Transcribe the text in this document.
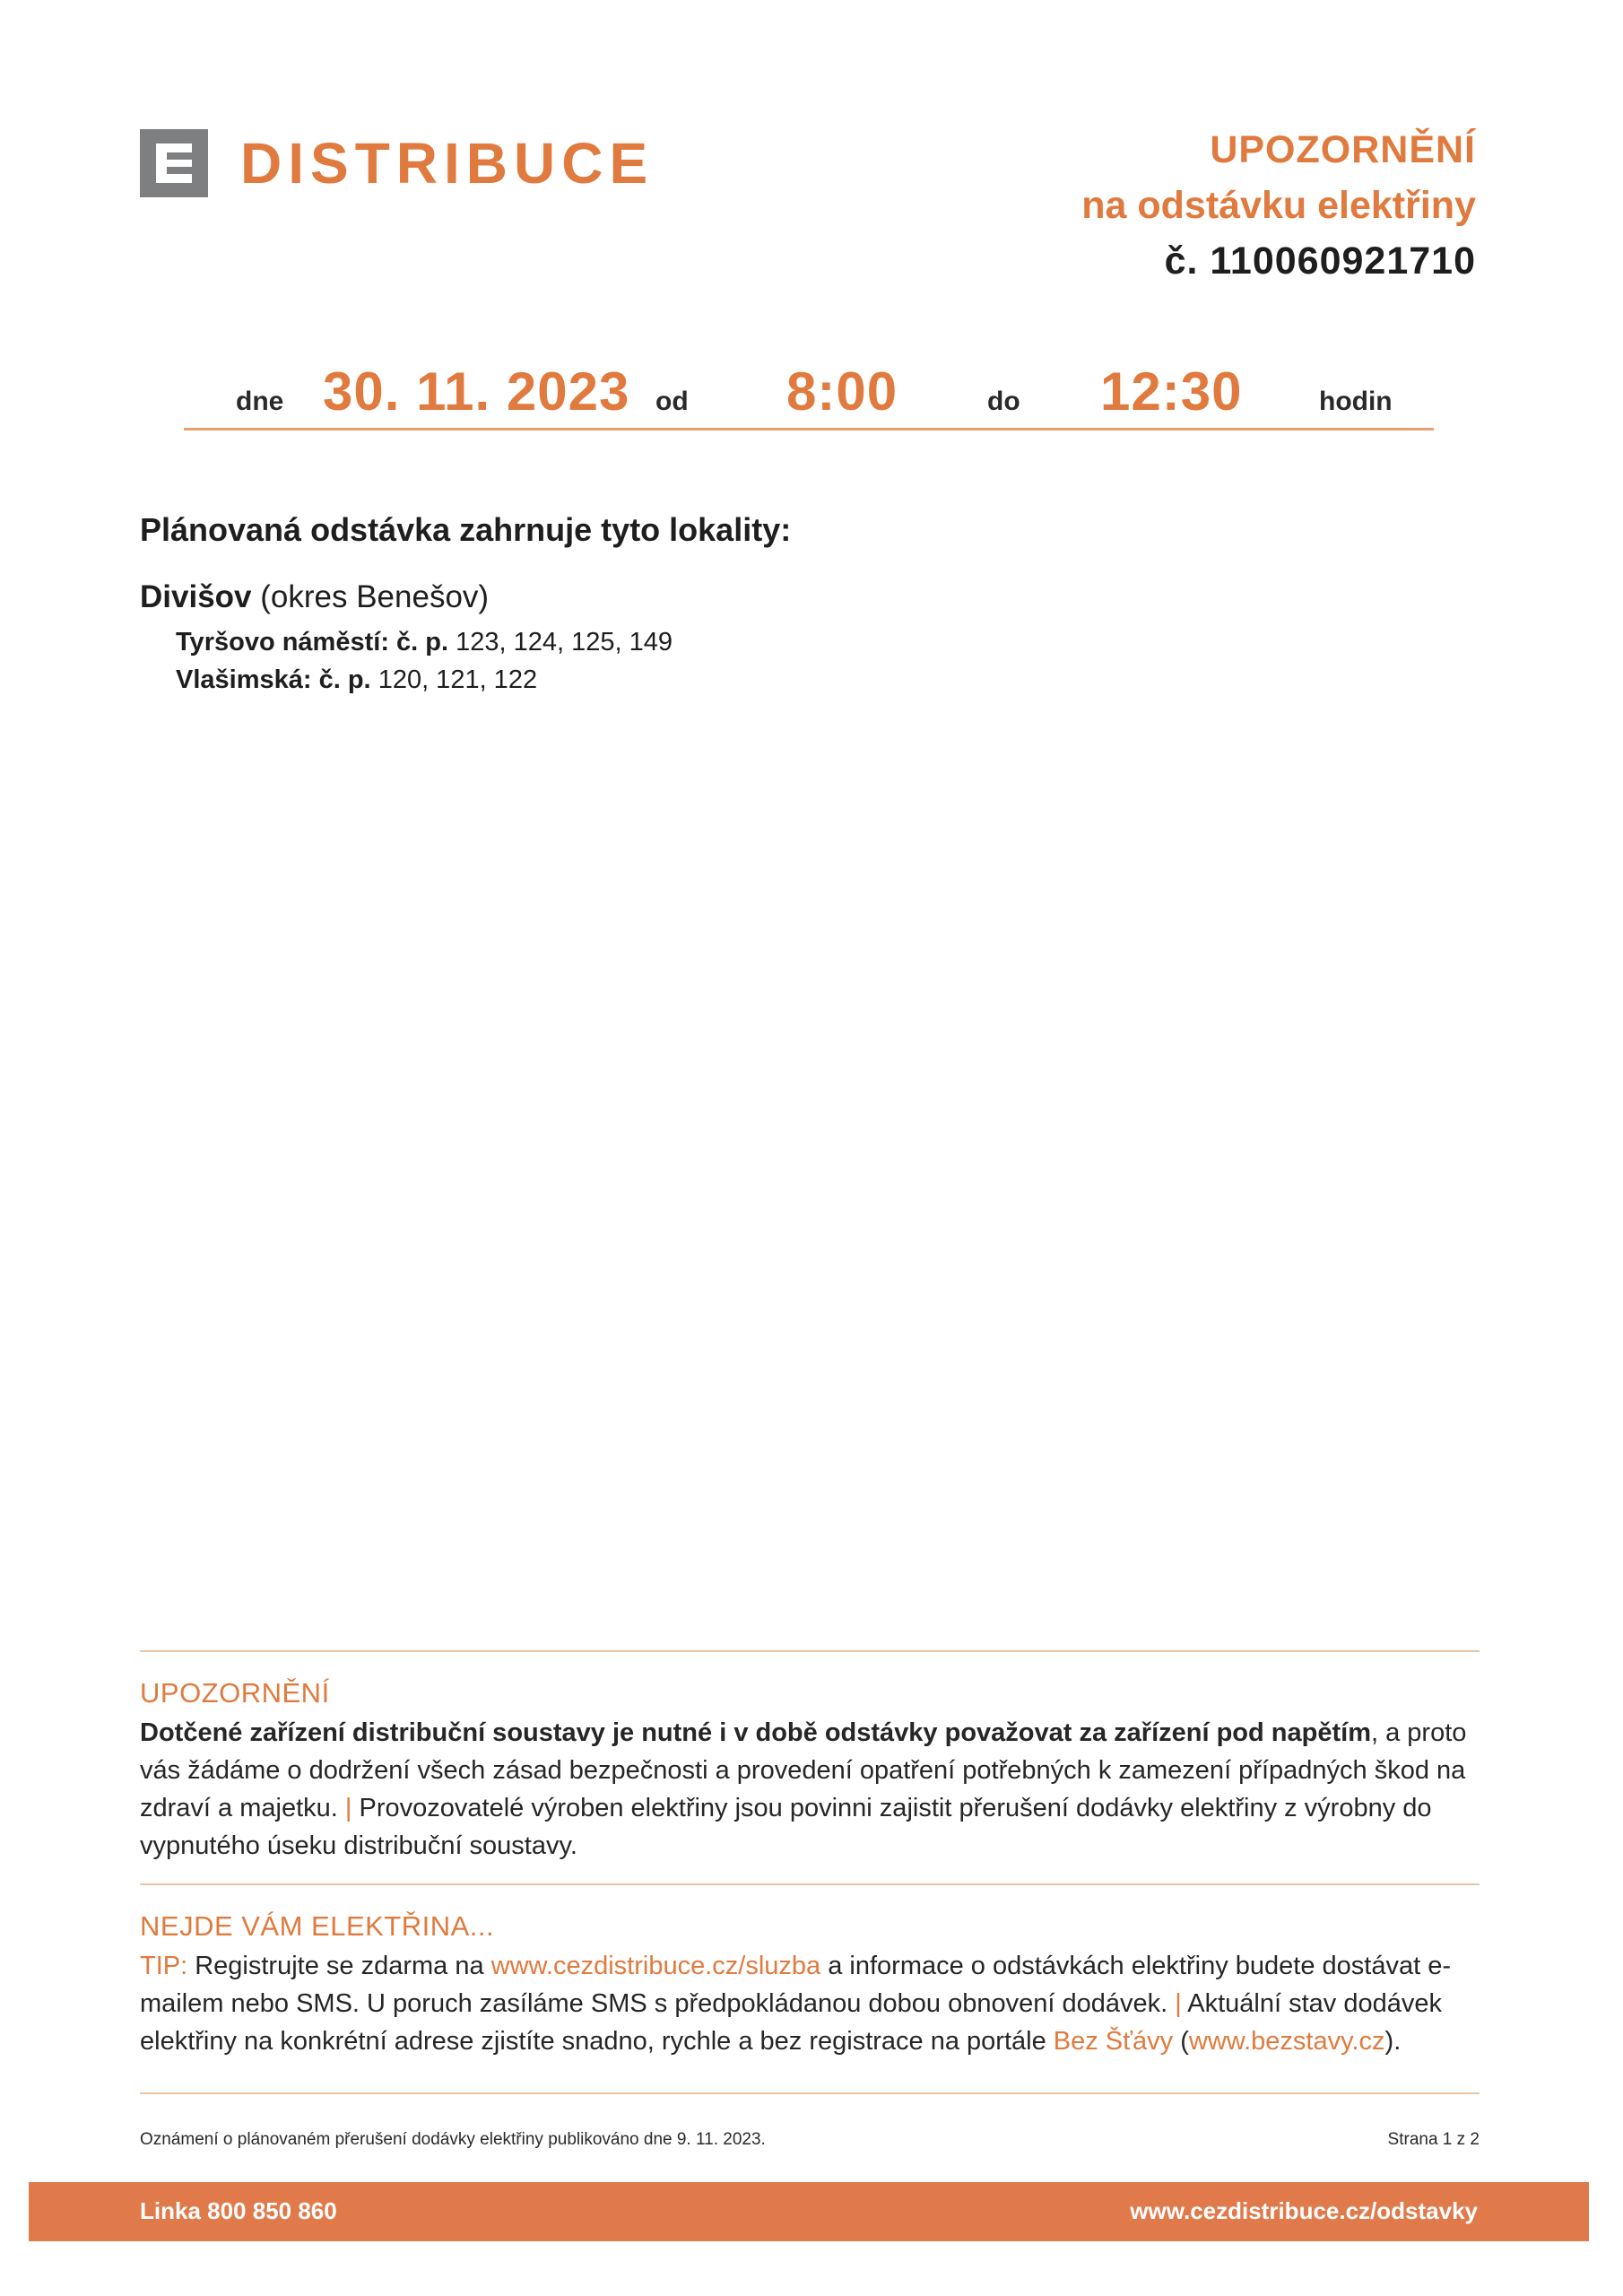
DISTRIBUCE	UPOZORNĚNÍ
na odstávku elektřiny
č. 110060921710
dne 30. 11. 2023 od 8:00	do 12:30	hodin
Plánovaná odstávka zahrnuje tyto lokality:
Divišov (okres Benešov)
Tyršovo náměstí: č. p. 123, 124, 125, 149
Vlašimská: č. p. 120, 121, 122
UPOZORNĚNÍ
Dotčené zařízení distribuční soustavy je nutné i v době odstávky považovat za zařízení pod napětím, a proto vás žádáme o dodržení všech zásad bezpečnosti a provedení opatření potřebných k zamezení případných škod na zdraví a majetku. | Provozovatelé výroben elektřiny jsou povinni zajistit přerušení dodávky elektřiny z výrobny do vypnutého úseku distribuční soustavy.
NEJDE VÁM ELEKTŘINA...
TIP: Registrujte se zdarma na www.cezdistribuce.cz/sluzba a informace o odstávkách elektřiny budete dostávat e-mailem nebo SMS. U poruch zasíláme SMS s předpokládanou dobou obnovení dodávek. | Aktuální stav dodávek elektřiny na konkrétní adrese zjistíte snadno, rychle a bez registrace na portále Bez Šťávy (www.bezstavy.cz).
Oznámení o plánovaném přerušení dodávky elektřiny publikováno dne 9. 11. 2023.	Strana 1 z 2
Linka 800 850 860	www.cezdistribuce.cz/odstavky
